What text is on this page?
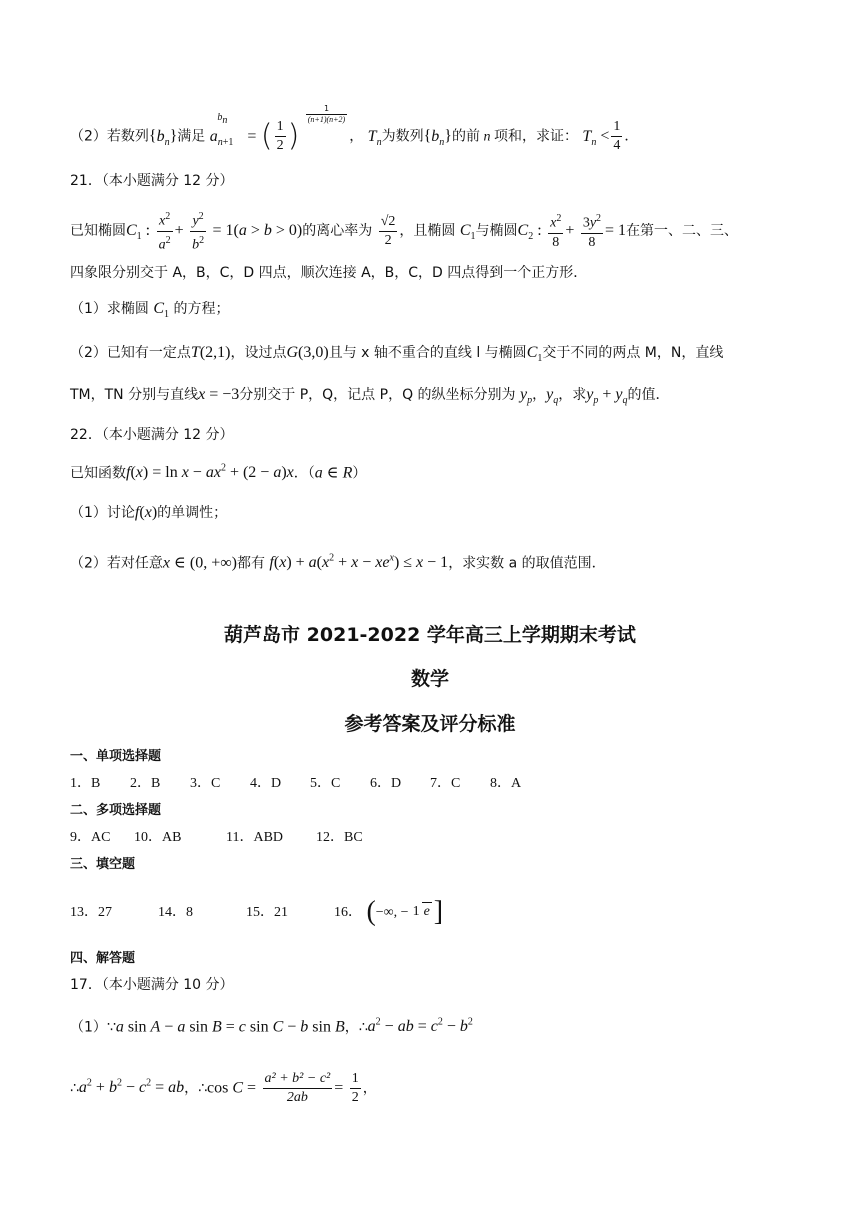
（2）若数列$\{b_n\}$满足 $a_{n+1}^{b_n}$ = ( $\frac{1}{2}$ )
$\frac{1}{(n+1)(n+2)}$
， $T_n$为数列$\{b_n\}$的前 n 项和，求证： $T_n < \frac{1}{4}$ ．
21．（本小题满分 12 分）
已知椭圆$C_1$ : $\frac{x^2}{a^2} + \frac{y^2}{b^2} = 1(a > b > 0)$的离心率为 $\frac{√2}{2}$ ，且椭圆 $C_1$与椭圆$C_2$ : $\frac{x^2}{8} + \frac{3y^2}{8} = 1$在第一、二、三、
四象限分别交于 A，B，C，D 四点，顺次连接 A，B，C，D 四点得到一个正方形．
（1）求椭圆 $C_1$ 的方程；
（2）已知有一定点T(2,1)，设过点G(3,0)且与 x 轴不重合的直线 l 与椭圆$C_1$交于不同的两点 M，N，直线
TM，TN 分别与直线x = −3分别交于 P，Q，记点 P，Q 的纵坐标分别为 $y_p$，$y_q$，求$y_p + y_q$的值．
22．（本小题满分 12 分）
已知函数$f(x) = \ln x - ax^2 + (2 - a)x$．（a ∈ R）
（1）讨论f(x)的单调性；
（2）若对任意x ∈ (0, +∞)都有 $f(x) + a(x^2 + x - xe^x) \le x - 1$，求实数 a 的取值范围．
葫芦岛市 2021-2022 学年高三上学期期末考试
数学
参考答案及评分标准
一、单项选择题
1．B 2．B 3．C 4．D 5．C 6．D 7．C 8．A
二、多项选择题
9．AC 10．AB	11．ABD 12．BC
三、填空题
13．27	14．8	15．21	16． (−∞, − 1 e ]
四、解答题
17．（本小题满分 10 分）
（1）∵a sin A − a sin B = c sin C − b sin B，$\therefore a^2$ − ab = $c^2 - b^2$
$\therefore a^2 + b^2 - c^2$ = ab，∴cos $C = \frac{\text{a² + b² − c²}}{2ab} = \frac{1}{2}$ ，
